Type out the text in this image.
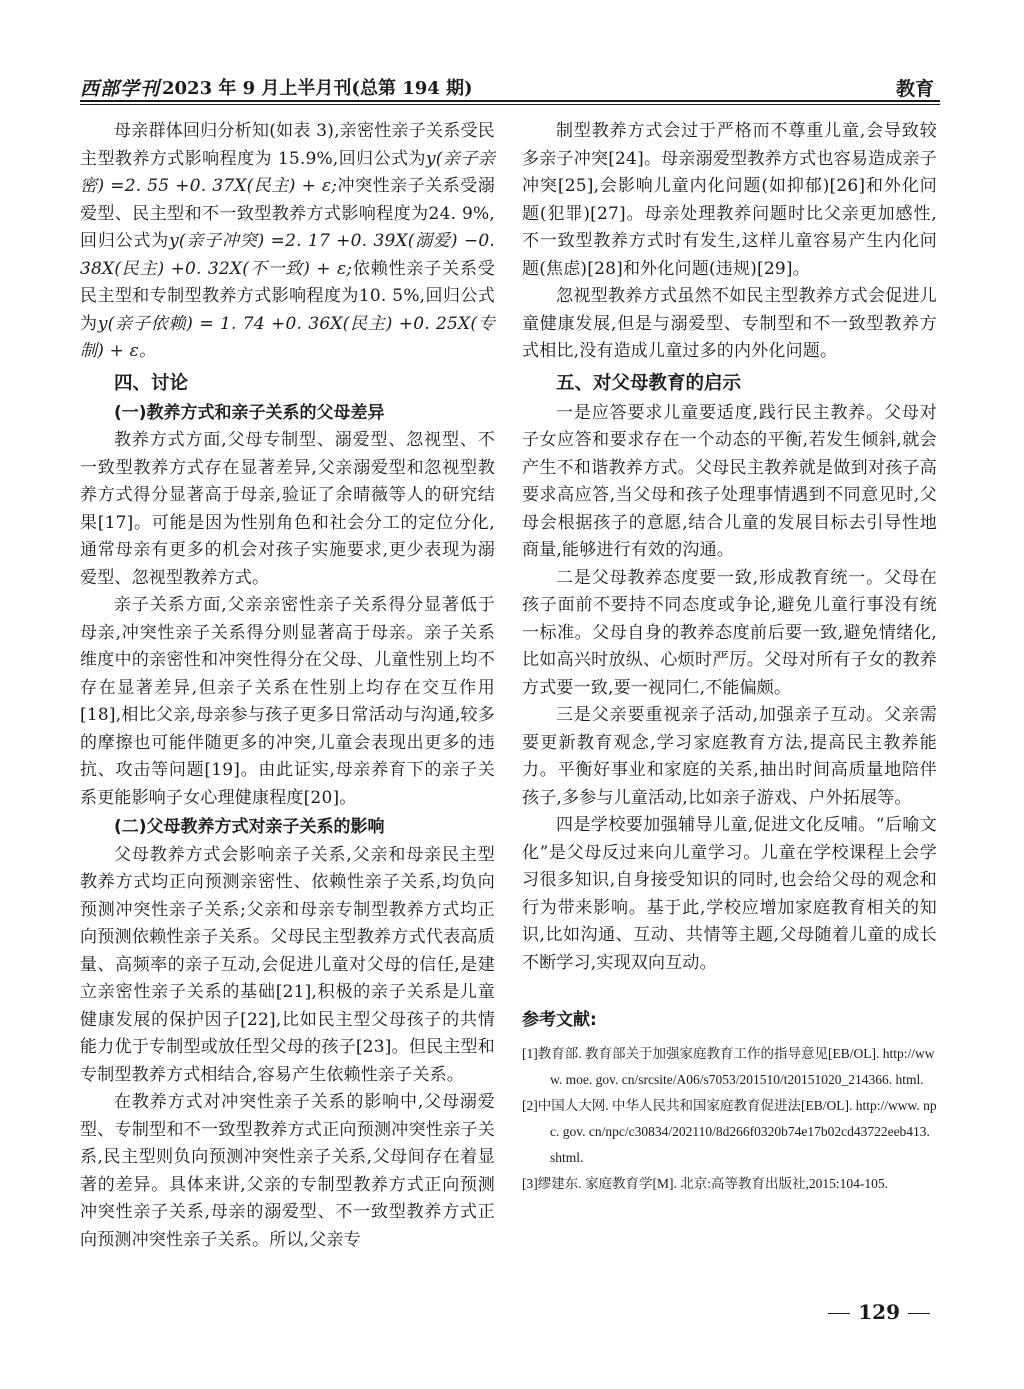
西部学刊 2023 年 9 月上半月刊(总第 194 期)	教育

母亲群体回归分析知(如表 3),亲密性亲子关系受民主型教养方式影响程度为 15.9%,回归公式为y(亲子亲密) =2. 55 +0. 37X(民主) + ε;冲突性亲子关系受溺爱型、民主型和不一致型教养方式影响程度为24. 9%,回归公式为y(亲子冲突) =2. 17 +0. 39X(溺爱) −0. 38X(民主) +0. 32X(不一致) + ε;依赖性亲子关系受民主型和专制型教养方式影响程度为10. 5%,回归公式为y(亲子依赖) = 1. 74 +0. 36X(民主) +0. 25X(专制) + ε。

四、讨论
(一)教养方式和亲子关系的父母差异

教养方式方面,父母专制型、溺爱型、忽视型、不一致型教养方式存在显著差异,父亲溺爱型和忽视型教养方式得分显著高于母亲,验证了余晴薇等人的研究结果[17]。可能是因为性别角色和社会分工的定位分化,通常母亲有更多的机会对孩子实施要求,更少表现为溺爱型、忽视型教养方式。

亲子关系方面,父亲亲密性亲子关系得分显著低于母亲,冲突性亲子关系得分则显著高于母亲。亲子关系维度中的亲密性和冲突性得分在父母、儿童性别上均不存在显著差异,但亲子关系在性别上均存在交互作用[18],相比父亲,母亲参与孩子更多日常活动与沟通,较多的摩擦也可能伴随更多的冲突,儿童会表现出更多的违抗、攻击等问题[19]。由此证实,母亲养育下的亲子关系更能影响子女心理健康程度[20]。

(二)父母教养方式对亲子关系的影响

父母教养方式会影响亲子关系,父亲和母亲民主型教养方式均正向预测亲密性、依赖性亲子关系,均负向预测冲突性亲子关系;父亲和母亲专制型教养方式均正向预测依赖性亲子关系。父母民主型教养方式代表高质量、高频率的亲子互动,会促进儿童对父母的信任,是建立亲密性亲子关系的基础[21],积极的亲子关系是儿童健康发展的保护因子[22],比如民主型父母孩子的共情能力优于专制型或放任型父母的孩子[23]。但民主型和专制型教养方式相结合,容易产生依赖性亲子关系。

在教养方式对冲突性亲子关系的影响中,父母溺爱型、专制型和不一致型教养方式正向预测冲突性亲子关系,民主型则负向预测冲突性亲子关系,父母间存在着显著的差异。具体来讲,父亲的专制型教养方式正向预测冲突性亲子关系,母亲的溺爱型、不一致型教养方式正向预测冲突性亲子关系。所以,父亲专

制型教养方式会过于严格而不尊重儿童,会导致较多亲子冲突[24]。母亲溺爱型教养方式也容易造成亲子冲突[25],会影响儿童内化问题(如抑郁)[26]和外化问题(犯罪)[27]。母亲处理教养问题时比父亲更加感性,不一致型教养方式时有发生,这样儿童容易产生内化问题(焦虑)[28]和外化问题(违规)[29]。

忽视型教养方式虽然不如民主型教养方式会促进儿童健康发展,但是与溺爱型、专制型和不一致型教养方式相比,没有造成儿童过多的内外化问题。

五、对父母教育的启示

一是应答要求儿童要适度,践行民主教养。父母对子女应答和要求存在一个动态的平衡,若发生倾斜,就会产生不和谐教养方式。父母民主教养就是做到对孩子高要求高应答,当父母和孩子处理事情遇到不同意见时,父母会根据孩子的意愿,结合儿童的发展目标去引导性地商量,能够进行有效的沟通。

二是父母教养态度要一致,形成教育统一。父母在孩子面前不要持不同态度或争论,避免儿童行事没有统一标准。父母自身的教养态度前后要一致,避免情绪化,比如高兴时放纵、心烦时严厉。父母对所有子女的教养方式要一致,要一视同仁,不能偏颇。

三是父亲要重视亲子活动,加强亲子互动。父亲需要更新教育观念,学习家庭教育方法,提高民主教养能力。平衡好事业和家庭的关系,抽出时间高质量地陪伴孩子,多参与儿童活动,比如亲子游戏、户外拓展等。

四是学校要加强辅导儿童,促进文化反哺。“后喻文化”是父母反过来向儿童学习。儿童在学校课程上会学习很多知识,自身接受知识的同时,也会给父母的观念和行为带来影响。基于此,学校应增加家庭教育相关的知识,比如沟通、互动、共情等主题,父母随着儿童的成长不断学习,实现双向互动。

参考文献:
[1]教育部. 教育部关于加强家庭教育工作的指导意见[EB/OL]. http://www. moe. gov. cn/srcsite/A06/s7053/201510/t20151020_214366. html.
[2]中国人大网. 中华人民共和国家庭教育促进法[EB/OL]. http://www. npc. gov. cn/npc/c30834/202110/8d266f0320b74e17b02cd43722eeb413. shtml.
[3]缪建东. 家庭教育学[M]. 北京:高等教育出版社,2015:104-105.
129
